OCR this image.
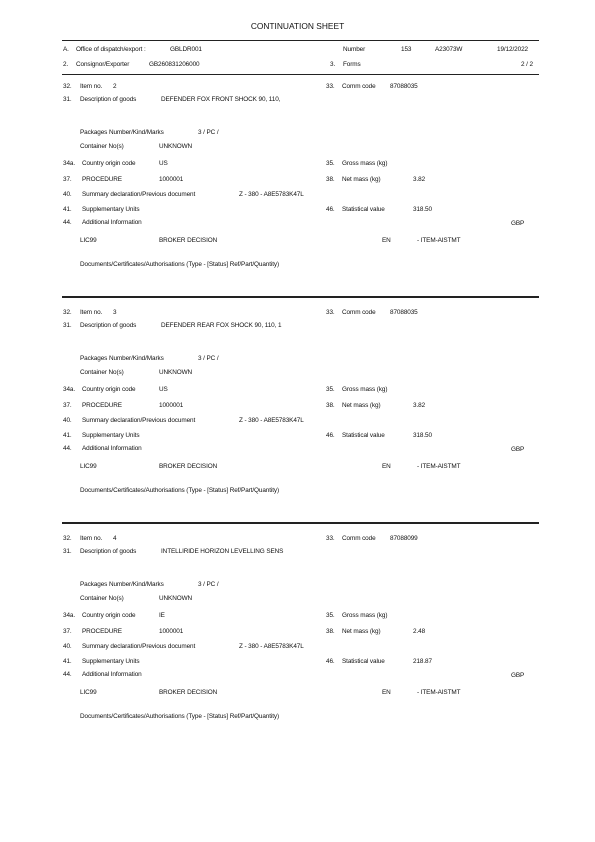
CONTINUATION SHEET
A. Office of dispatch/export :	GBLDR001	Number	153	A23073W	19/12/2022
2. Consignor/Exporter	GB260831206000	3. Forms	2 / 2
32. Item no. 2	33. Comm code 87088035
31. Description of goods	DEFENDER FOX FRONT SHOCK 90, 110,
Packages Number/Kind/Marks	3 / PC /
Container No(s)	UNKNOWN
34a. Country origin code	US	35. Gross mass (kg)
37. PROCEDURE	1000001	38. Net mass (kg)	3.82
40. Summary declaration/Previous document	Z - 380 - A8E5783K47L
41. Supplementary Units	46. Statistical value	318.50
44. Additional Information	GBP
LIC99	BROKER DECISION	EN	- ITEM-AISTMT
Documents/Certificates/Authorisations (Type - [Status] Ref/Part/Quantity)
32. Item no. 3	33. Comm code 87088035
31. Description of goods	DEFENDER REAR FOX SHOCK 90, 110, 1
Packages Number/Kind/Marks	3 / PC /
Container No(s)	UNKNOWN
34a. Country origin code	US	35. Gross mass (kg)
37. PROCEDURE	1000001	38. Net mass (kg)	3.82
40. Summary declaration/Previous document	Z - 380 - A8E5783K47L
41. Supplementary Units	46. Statistical value	318.50
44. Additional Information	GBP
LIC99	BROKER DECISION	EN	- ITEM-AISTMT
Documents/Certificates/Authorisations (Type - [Status] Ref/Part/Quantity)
32. Item no. 4	33. Comm code 87088099
31. Description of goods	INTELLIRIDE HORIZON LEVELLING SENS
Packages Number/Kind/Marks	3 / PC /
Container No(s)	UNKNOWN
34a. Country origin code	IE	35. Gross mass (kg)
37. PROCEDURE	1000001	38. Net mass (kg)	2.48
40. Summary declaration/Previous document	Z - 380 - A8E5783K47L
41. Supplementary Units	46. Statistical value	218.87
44. Additional Information	GBP
LIC99	BROKER DECISION	EN	- ITEM-AISTMT
Documents/Certificates/Authorisations (Type - [Status] Ref/Part/Quantity)
